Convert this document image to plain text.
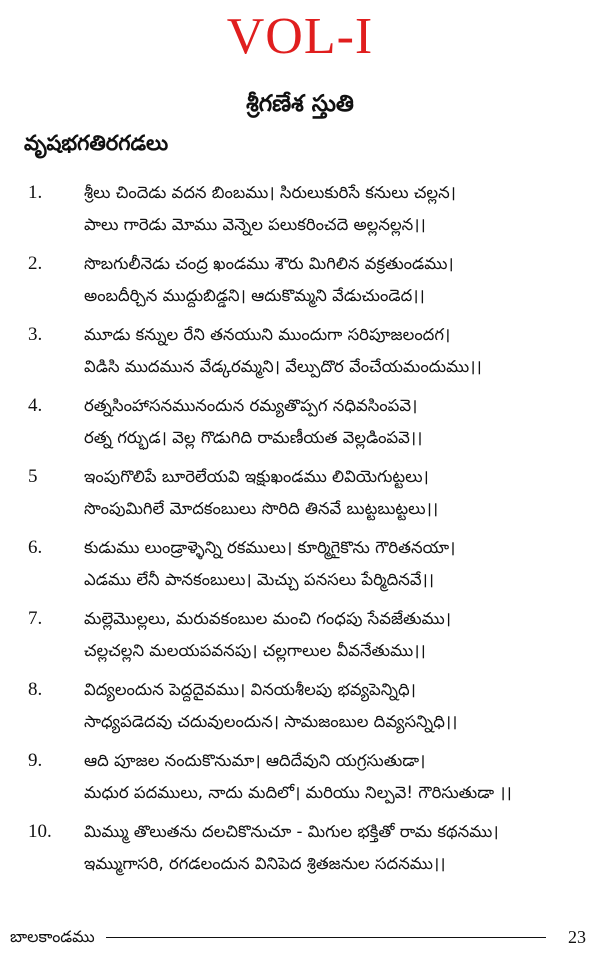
VOL-I
శ్రీగణేశ స్తుతి
వృషభగతిరగడలు
1.	శ్రీలు చిందెడు వదన బింబము। సిరులుకురిసే కనులు చల్లన।
పాలు గారెడు మోము వెన్నెల పలుకరించదె అల్లనల్లన।।
2.	సొబగులీనెడు చంద్ర ఖండము శౌరు మిగిలిన వక్రతుండము।
అంబదీర్చిన ముద్దుబిడ్డని। ఆదుకొమ్మని వేడుచుండెద।।
3.	మూడు కన్నుల రేని తనయుని ముందుగా సరిపూజలందగ।
విడిసి ముదమున వేడ్కరమ్మని। వేల్పుదొర వేంచేయమందుము।।
4.	రత్నసింహాసనమునందున రమ్యతొప్పగ నధివసింపవె।
రత్న గర్భుడ। వెల్ల గొడుగిది రామణీయత వెల్లడింపవె।।
5	ఇంపుగొలిపే బూరెలేయవి ఇక్షుఖండము లివియెగుట్టలు।
సొంపుమిగిలే మోదకంబులు సొరిది తినవే బుట్టబుట్టలు।।
6.	కుడుము లుండ్రాళ్ళెన్ని రకములు। కూర్మిగైకొను గౌరితనయా।
ఎడము లేనీ పానకంబులు। మెచ్చు పనసలు పేర్మిదినవే।।
7.	మల్లెమొల్లలు, మరువకంబుల మంచి గంధపు సేవజేతుము।
చల్లచల్లని మలయపవనపు। చల్లగాలుల వీవనేతుము।।
8.	విద్యలందున పెద్దదైవము। వినయశీలపు భవ్యపెన్నిధి।
సాధ్యపడెదవు చదువులందున। సామజంబుల దివ్యసన్నిధి।।
9.	ఆది పూజల నందుకొనుమా। ఆదిదేవుని యగ్రసుతుడా।
మధుర పదములు, నాదు మదిలో। మరియు నిల్పవె! గౌరిసుతుడా ।।
10. మిమ్ము తొలుతను దలచికొనుచూ - మిగుల భక్తితో రామ కథనము।
ఇమ్ముగాసరి, రగడలందున వినిపెద శ్రితజనుల సదనము।।
బాలకాండము	23
